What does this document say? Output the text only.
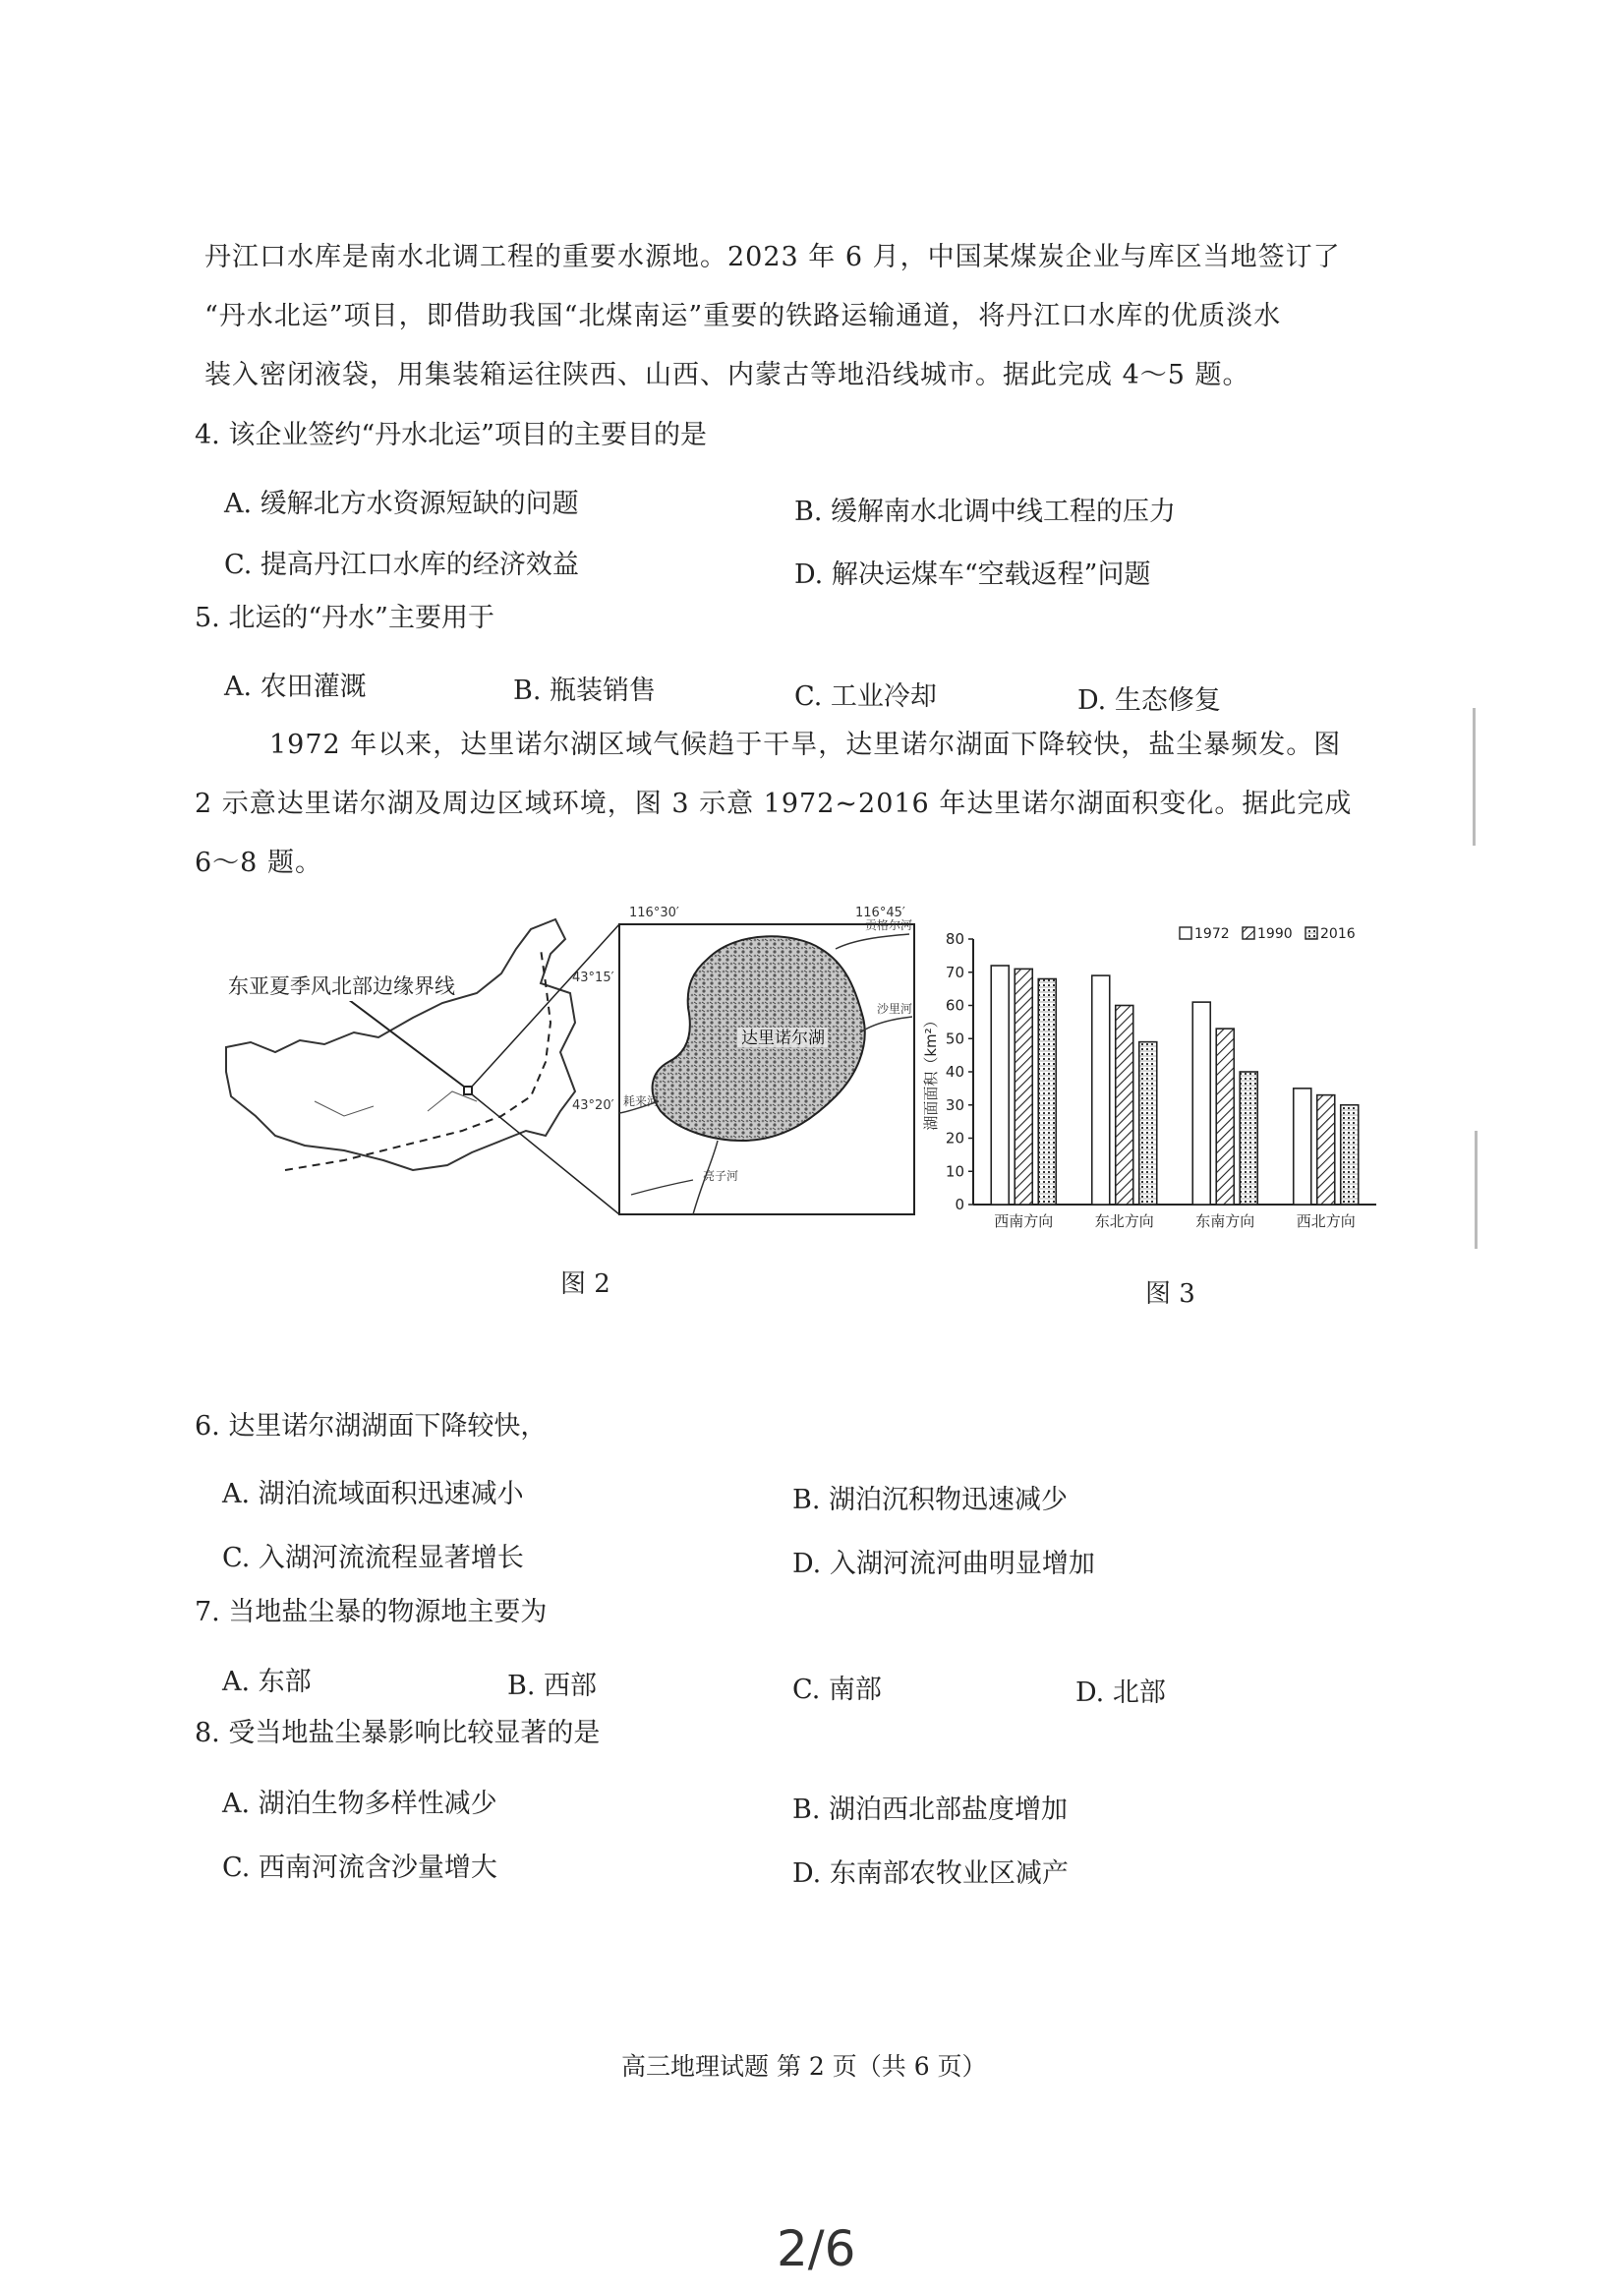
丹江口水库是南水北调工程的重要水源地。2023 年 6 月，中国某煤炭企业与库区当地签订了
“丹水北运”项目，即借助我国“北煤南运”重要的铁路运输通道，将丹江口水库的优质淡水
装入密闭液袋，用集装箱运往陕西、山西、内蒙古等地沿线城市。据此完成 4～5 题。
4. 该企业签约“丹水北运”项目的主要目的是
A. 缓解北方水资源短缺的问题	B. 缓解南水北调中线工程的压力
C. 提高丹江口水库的经济效益	D. 解决运煤车“空载返程”问题
5. 北运的“丹水”主要用于
A. 农田灌溉	B. 瓶装销售	C. 工业冷却	D. 生态修复
1972 年以来，达里诺尔湖区域气候趋于干旱，达里诺尔湖面下降较快，盐尘暴频发。图
2 示意达里诺尔湖及周边区域环境，图 3 示意 1972~2016 年达里诺尔湖面积变化。据此完成
6～8 题。
东亚夏季风北部边缘界线
116°30′	116°45′
43°15′
43°20′
达里诺尔湖
贡格尔河
沙里河
耗来河
亮子河
图 2
0
10
20
30
40
50
60
70
80
湖面面积（km²）
西南方向	东北方向	东南方向	西北方向
1972 1990 2016
图 3
6. 达里诺尔湖湖面下降较快，
A. 湖泊流域面积迅速减小	B. 湖泊沉积物迅速减少
C. 入湖河流流程显著增长	D. 入湖河流河曲明显增加
7. 当地盐尘暴的物源地主要为
A. 东部	B. 西部	C. 南部	D. 北部
8. 受当地盐尘暴影响比较显著的是
A. 湖泊生物多样性减少	B. 湖泊西北部盐度增加
C. 西南河流含沙量增大	D. 东南部农牧业区减产
高三地理试题 第 2 页（共 6 页）
2/6
